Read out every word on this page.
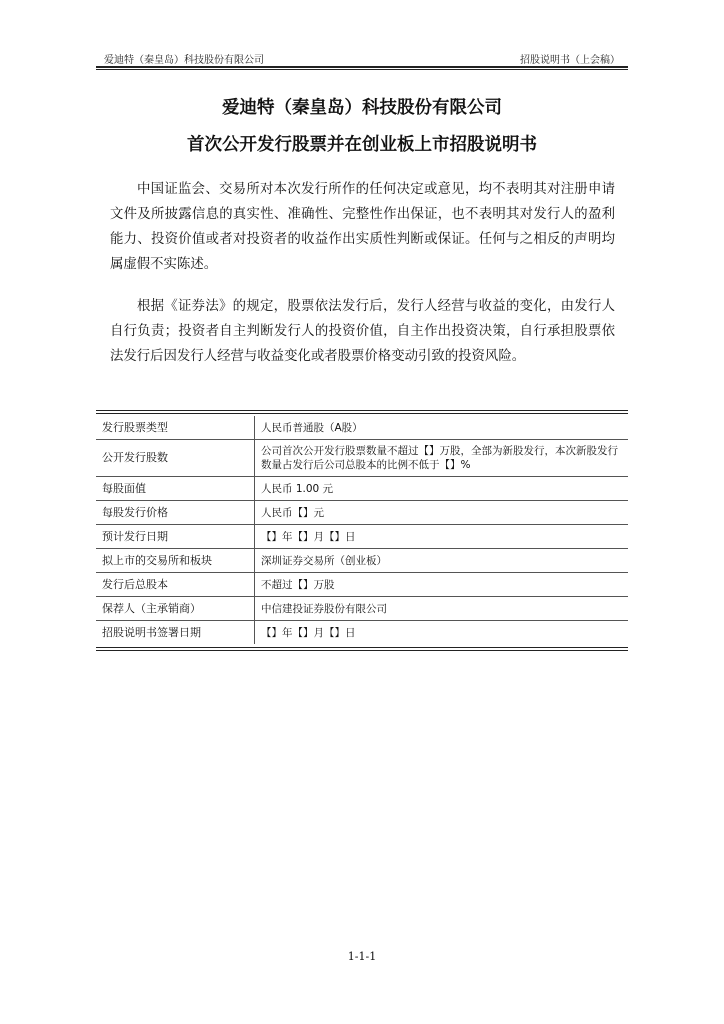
爱迪特（秦皇岛）科技股份有限公司	招股说明书（上会稿）
爱迪特（秦皇岛）科技股份有限公司
首次公开发行股票并在创业板上市招股说明书

中国证监会、交易所对本次发行所作的任何决定或意见，均不表明其对注册申请文件及所披露信息的真实性、准确性、完整性作出保证，也不表明其对发行人的盈利能力、投资价值或者对投资者的收益作出实质性判断或保证。任何与之相反的声明均属虚假不实陈述。

根据《证券法》的规定，股票依法发行后，发行人经营与收益的变化，由发行人自行负责；投资者自主判断发行人的投资价值，自主作出投资决策，自行承担股票依法发行后因发行人经营与收益变化或者股票价格变动引致的投资风险。

发行股票类型	人民币普通股（A股）
公开发行股数	公司首次公开发行股票数量不超过【】万股，全部为新股发行，本次新股发行数量占发行后公司总股本的比例不低于【】%
每股面值	人民币 1.00 元
每股发行价格	人民币【】元
预计发行日期	【】年【】月【】日
拟上市的交易所和板块	深圳证券交易所（创业板）
发行后总股本	不超过【】万股
保荐人（主承销商）	中信建投证券股份有限公司
招股说明书签署日期	【】年【】月【】日
1-1-1
